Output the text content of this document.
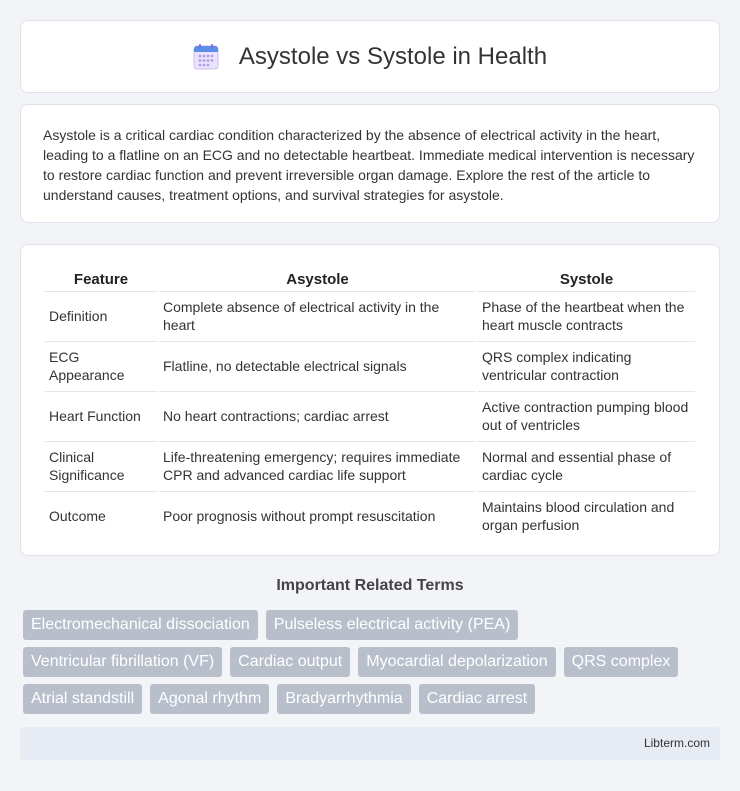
Asystole vs Systole in Health

Asystole is a critical cardiac condition characterized by the absence of electrical activity in the heart, leading to a flatline on an ECG and no detectable heartbeat. Immediate medical intervention is necessary to restore cardiac function and prevent irreversible organ damage. Explore the rest of the article to understand causes, treatment options, and survival strategies for asystole.

Feature	Asystole	Systole
Definition	Complete absence of electrical activity in the heart	Phase of the heartbeat when the heart muscle contracts
ECG Appearance	Flatline, no detectable electrical signals	QRS complex indicating ventricular contraction
Heart Function	No heart contractions; cardiac arrest	Active contraction pumping blood out of ventricles
Clinical Significance	Life-threatening emergency; requires immediate CPR and advanced cardiac life support	Normal and essential phase of cardiac cycle
Outcome	Poor prognosis without prompt resuscitation	Maintains blood circulation and organ perfusion
Important Related Terms
Electromechanical dissociation	Pulseless electrical activity (PEA)
Ventricular fibrillation (VF)	Cardiac output	Myocardial depolarization	QRS complex
Atrial standstill	Agonal rhythm	Bradyarrhythmia	Cardiac arrest
Libterm.com
